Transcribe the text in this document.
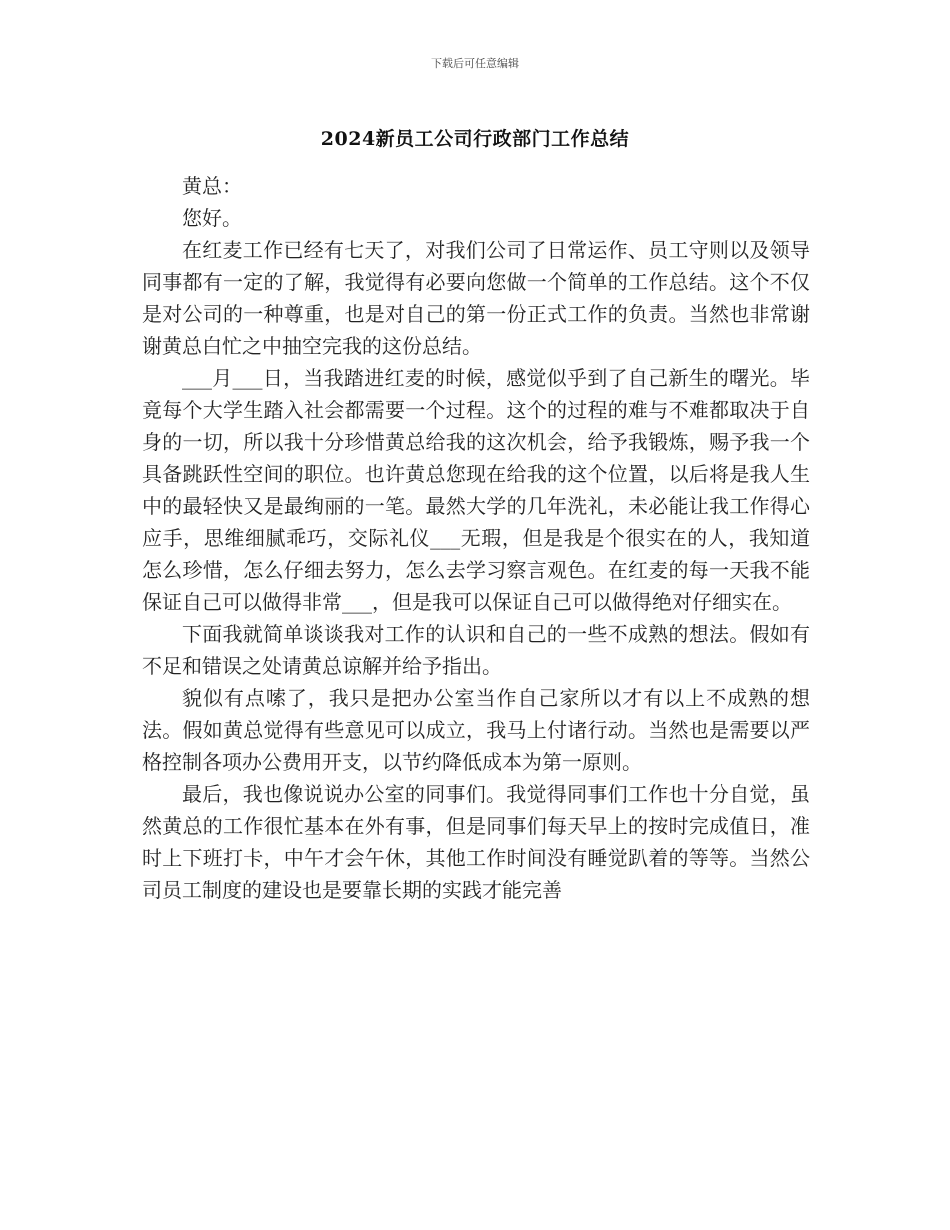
下载后可任意编辑
2024新员工公司行政部门工作总结

黄总：

您好。

在红麦工作已经有七天了，对我们公司了日常运作、员工守则以及领导同事都有一定的了解，我觉得有必要向您做一个简单的工作总结。这个不仅是对公司的一种尊重，也是对自己的第一份正式工作的负责。当然也非常谢谢黄总白忙之中抽空完我的这份总结。

___月___日，当我踏进红麦的时候，感觉似乎到了自己新生的曙光。毕竟每个大学生踏入社会都需要一个过程。这个的过程的难与不难都取决于自身的一切，所以我十分珍惜黄总给我的这次机会，给予我锻炼，赐予我一个具备跳跃性空间的职位。也许黄总您现在给我的这个位置，以后将是我人生中的最轻快又是最绚丽的一笔。最然大学的几年洗礼，未必能让我工作得心应手，思维细腻乖巧，交际礼仪___无瑕，但是我是个很实在的人，我知道怎么珍惜，怎么仔细去努力，怎么去学习察言观色。在红麦的每一天我不能保证自己可以做得非常___，但是我可以保证自己可以做得绝对仔细实在。

下面我就简单谈谈我对工作的认识和自己的一些不成熟的想法。假如有不足和错误之处请黄总谅解并给予指出。

貌似有点嗦了，我只是把办公室当作自己家所以才有以上不成熟的想法。假如黄总觉得有些意见可以成立，我马上付诸行动。当然也是需要以严格控制各项办公费用开支，以节约降低成本为第一原则。

最后，我也像说说办公室的同事们。我觉得同事们工作也十分自觉，虽然黄总的工作很忙基本在外有事，但是同事们每天早上的按时完成值日，准时上下班打卡，中午才会午休，其他工作时间没有睡觉趴着的等等。当然公司员工制度的建设也是要靠长期的实践才能完善
